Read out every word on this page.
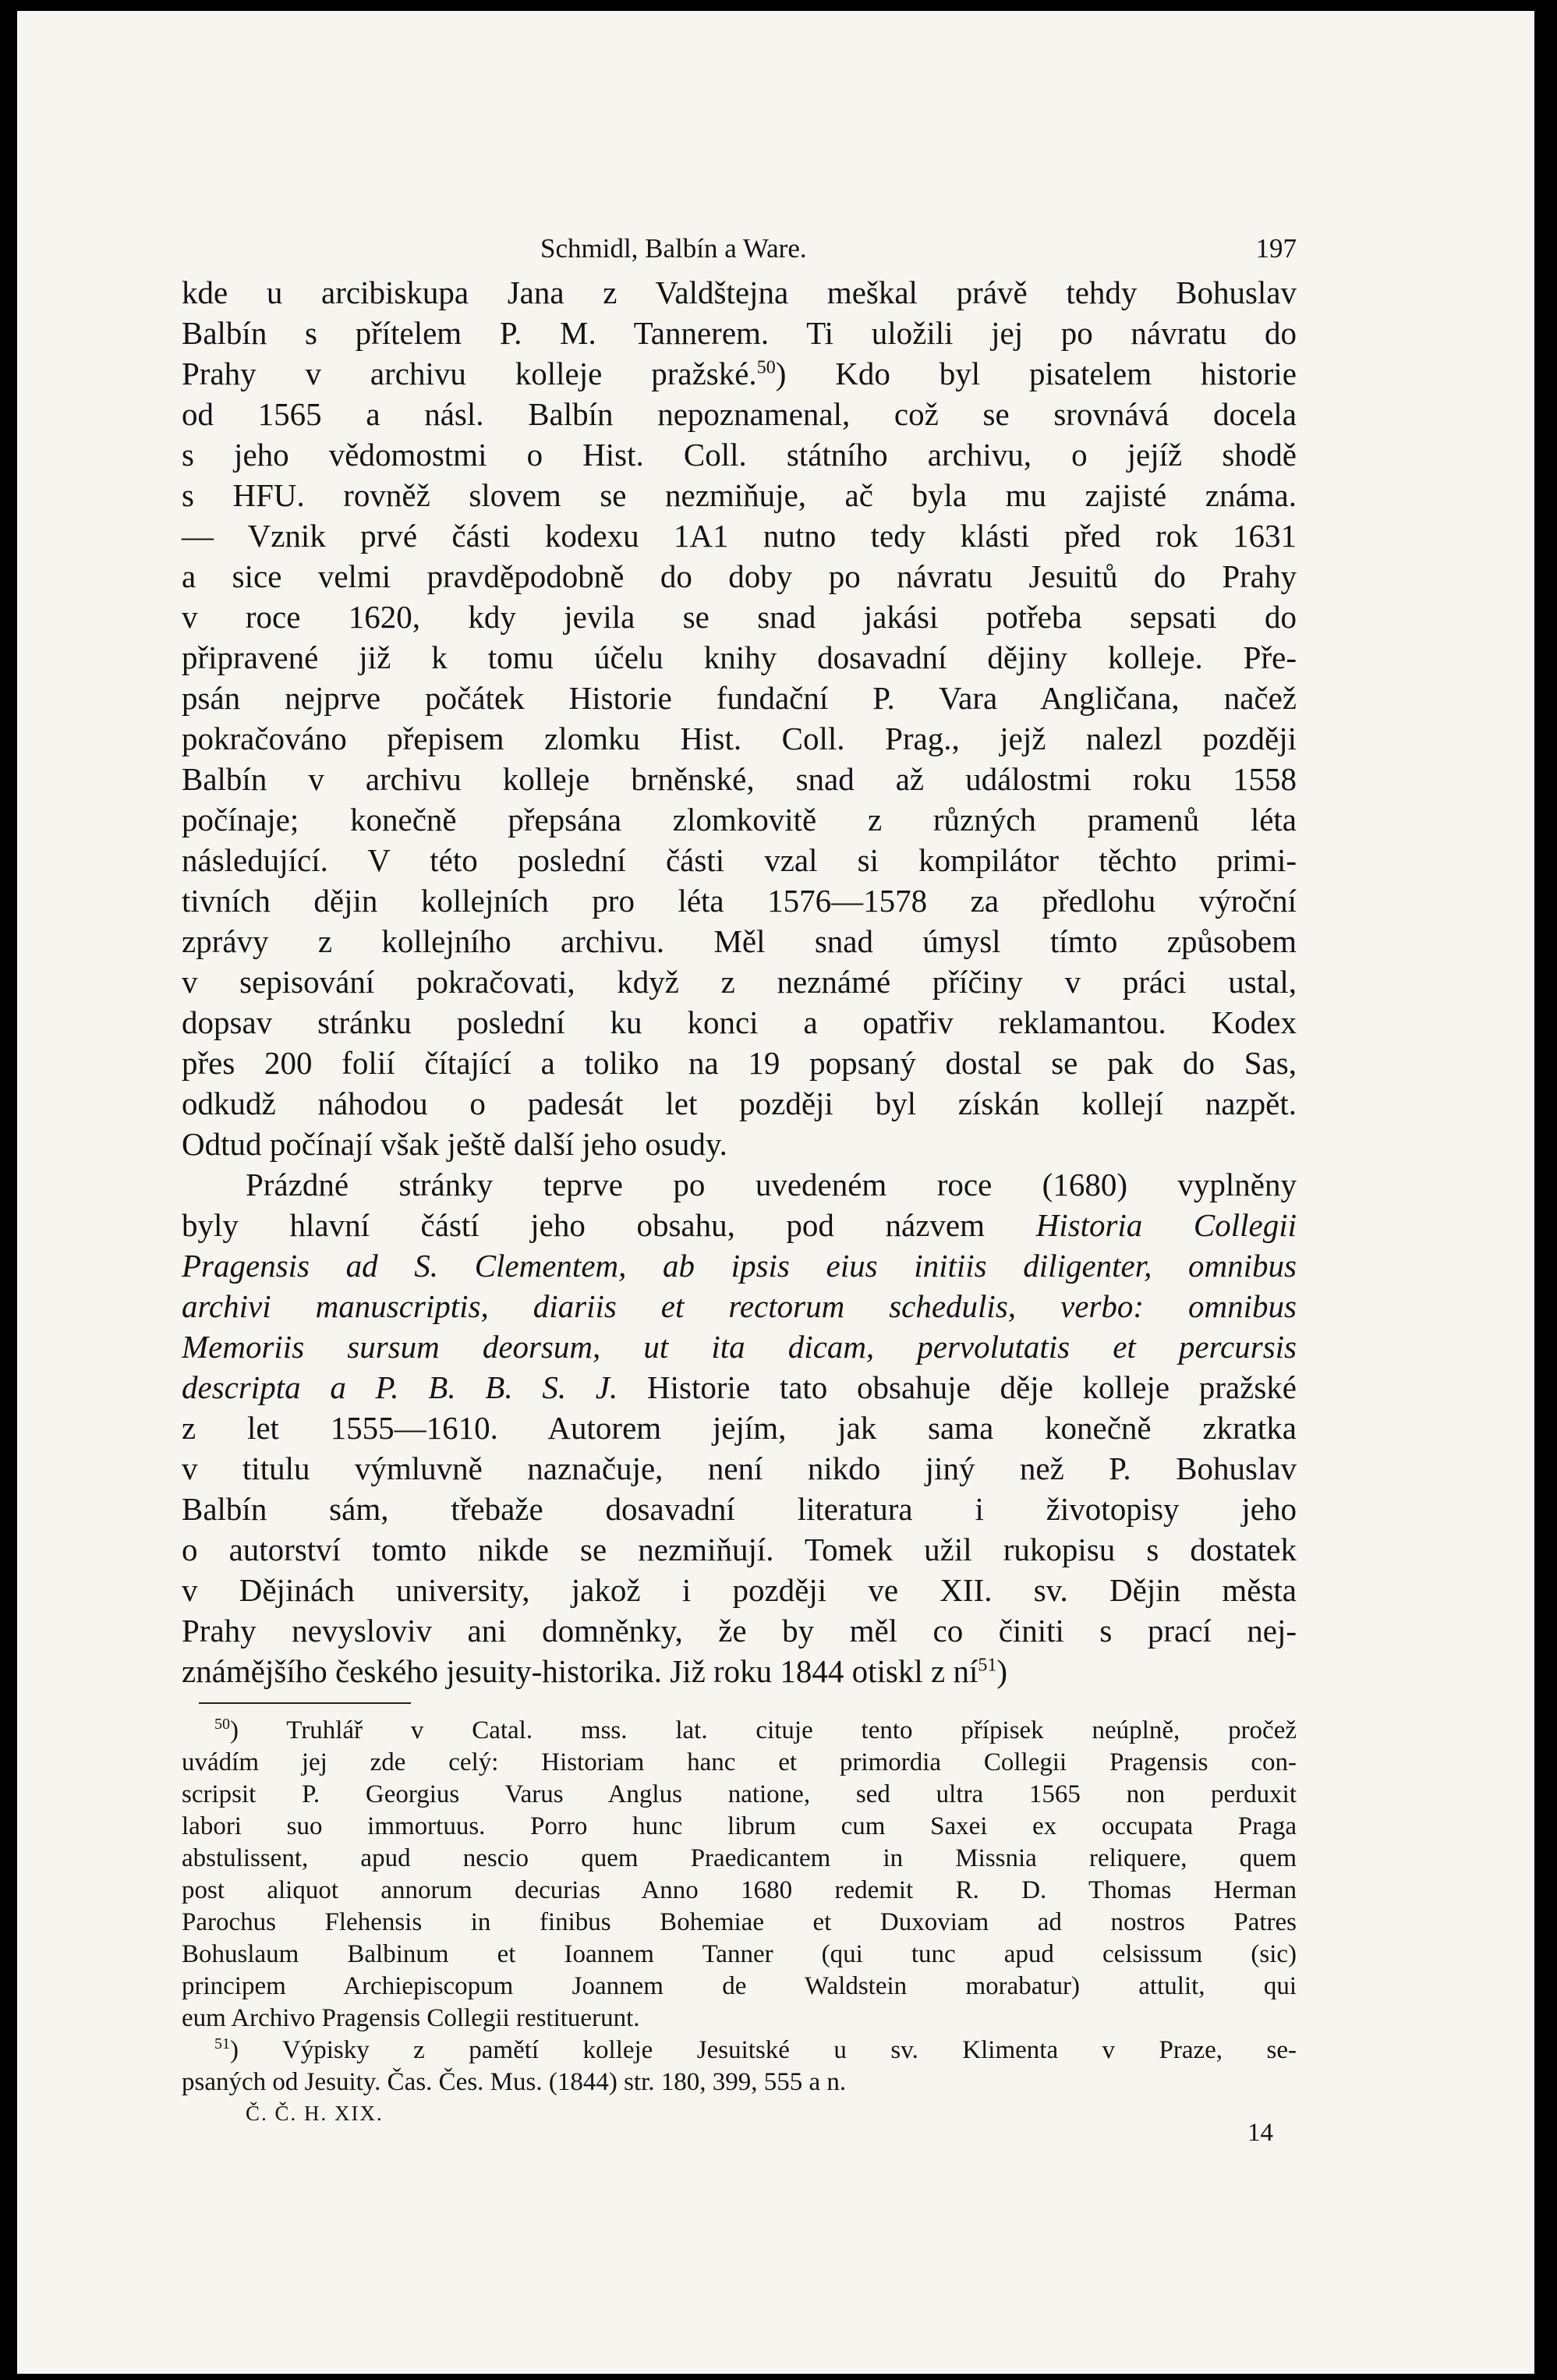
Schmidl, Balbín a Ware.	197
kde u arcibiskupa Jana z Valdštejna meškal právě tehdy Bohuslav
Balbín s přítelem P. M. Tannerem. Ti uložili jej po návratu do
Prahy v archivu kolleje pražské.$^{50}$) Kdo byl pisatelem historie
od 1565 a násl. Balbín nepoznamenal, což se srovnává docela
s jeho vědomostmi o Hist. Coll. státního archivu, o jejíž shodě
s HFU. rovněž slovem se nezmiňuje, ač byla mu zajisté známa.
— Vznik prvé části kodexu 1A1 nutno tedy klásti před rok 1631
a sice velmi pravděpodobně do doby po návratu Jesuitů do Prahy
v roce 1620, kdy jevila se snad jakási potřeba sepsati do
připravené již k tomu účelu knihy dosavadní dějiny kolleje. Pře-
psán nejprve počátek Historie fundační P. Vara Angličana, načež
pokračováno přepisem zlomku Hist. Coll. Prag., jejž nalezl později
Balbín v archivu kolleje brněnské, snad až událostmi roku 1558
počínaje; konečně přepsána zlomkovitě z různých pramenů léta
následující. V této poslední části vzal si kompilátor těchto primi-
tivních dějin kollejních pro léta 1576—1578 za předlohu výroční
zprávy z kollejního archivu. Měl snad úmysl tímto způsobem
v sepisování pokračovati, když z neznámé příčiny v práci ustal,
dopsav stránku poslední ku konci a opatřiv reklamantou. Kodex
přes 200 folií čítající a toliko na 19 popsaný dostal se pak do Sas,
odkudž náhodou o padesát let později byl získán kollejí nazpět.
Odtud počínají však ještě další jeho osudy.
Prázdné stránky teprve po uvedeném roce (1680) vyplněny
byly hlavní částí jeho obsahu, pod názvem Historia Collegii
Pragensis ad S. Clementem, ab ipsis eius initiis diligenter, omnibus
archivi manuscriptis, diariis et rectorum schedulis, verbo: omnibus
Memoriis sursum deorsum, ut ita dicam, pervolutatis et percursis
descripta a P. B. B. S. J. Historie tato obsahuje děje kolleje pražské
z let 1555—1610. Autorem jejím, jak sama konečně zkratka
v titulu výmluvně naznačuje, není nikdo jiný než P. Bohuslav
Balbín sám, třebaže dosavadní literatura i životopisy jeho
o autorství tomto nikde se nezmiňují. Tomek užil rukopisu s dostatek
v Dějinách university, jakož i později ve XII. sv. Dějin města
Prahy nevysloviv ani domněnky, že by měl co činiti s prací nej-
známějšího českého jesuity-historika. Již roku 1844 otiskl z $ní^{51}$)
$^{50}$) Truhlář v Catal. mss. lat. cituje tento přípisek neúplně, pročež
uvádím jej zde celý: Historiam hanc et primordia Collegii Pragensis con-
scripsit P. Georgius Varus Anglus natione, sed ultra 1565 non perduxit
labori suo immortuus. Porro hunc librum cum Saxei ex occupata Praga
abstulissent, apud nescio quem Praedicantem in Missnia reliquere, quem
post aliquot annorum decurias Anno 1680 redemit R. D. Thomas Herman
Parochus Flehensis in finibus Bohemiae et Duxoviam ad nostros Patres
Bohuslaum Balbinum et Ioannem Tanner (qui tunc apud celsissum (sic)
principem Archiepiscopum Joannem de Waldstein morabatur) attulit, qui
eum Archivo Pragensis Collegii restituerunt.
$^{51}$) Výpisky z pamětí kolleje Jesuitské u sv. Klimenta v Praze, se-
psaných od Jesuity. Čas. Čes. Mus. (1844) str. 180, 399, 555 a n.
Č. Č. H. XIX.
14
